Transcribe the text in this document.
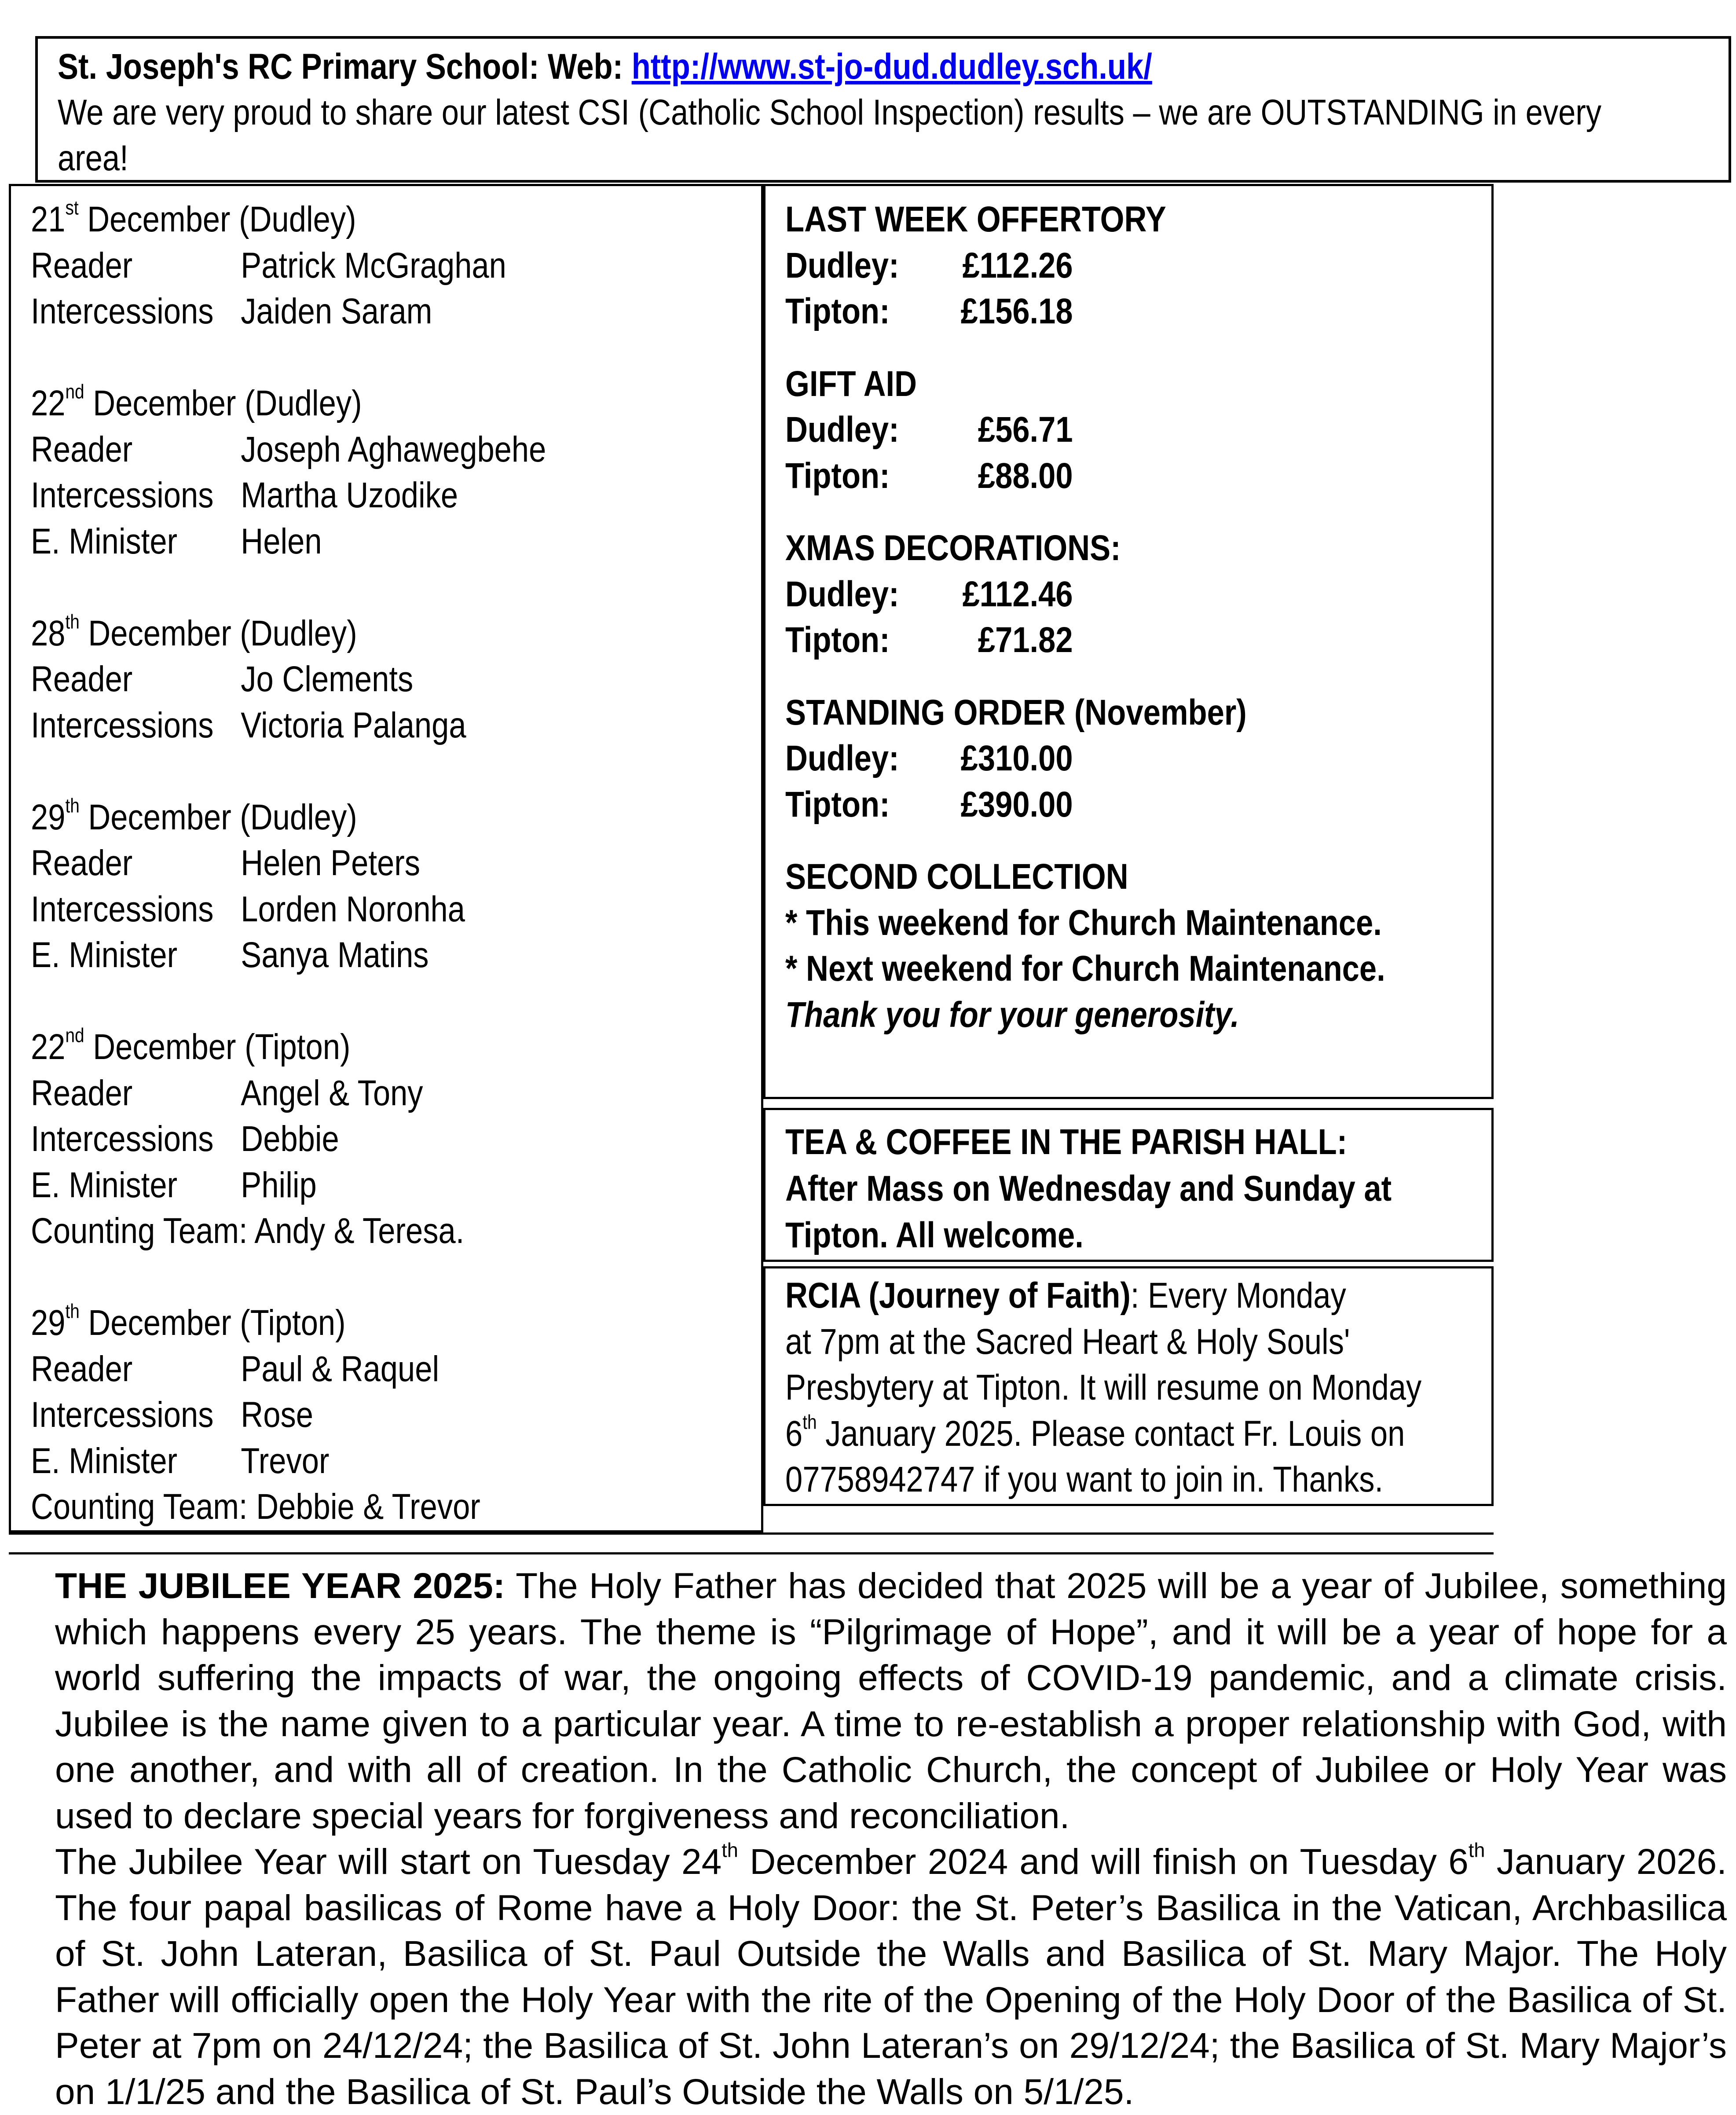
St. Joseph's RC Primary School: Web: http://www.st-jo-dud.dudley.sch.uk/
We are very proud to share our latest CSI (Catholic School Inspection) results – we are OUTSTANDING in every
area!
21st December (Dudley)
Reader	Patrick McGraghan
Intercessions Jaiden Saram
22nd December (Dudley)
Reader	Joseph Aghawegbehe
Intercessions Martha Uzodike
E. Minister Helen
28th December (Dudley)
Reader	Jo Clements
Intercessions Victoria Palanga
29th December (Dudley)
Reader	Helen Peters
Intercessions Lorden Noronha
E. Minister Sanya Matins
22nd December (Tipton)
Reader	Angel & Tony
Intercessions Debbie
E. Minister Philip
Counting Team: Andy & Teresa.
29th December (Tipton)
Reader	Paul & Raquel
Intercessions Rose
E. Minister Trevor
Counting Team: Debbie & Trevor
LAST WEEK OFFERTORY
Dudley:	£112.26
Tipton:	£156.18
GIFT AID
Dudley:	£56.71
Tipton:	£88.00
XMAS DECORATIONS:
Dudley:	£112.46
Tipton:	£71.82
STANDING ORDER (November)
Dudley:	£310.00
Tipton:	£390.00
SECOND COLLECTION
* This weekend for Church Maintenance.
* Next weekend for Church Maintenance.
Thank you for your generosity.
TEA & COFFEE IN THE PARISH HALL:
After Mass on Wednesday and Sunday at
Tipton. All welcome.
RCIA (Journey of Faith): Every Monday
at 7pm at the Sacred Heart & Holy Souls'
Presbytery at Tipton. It will resume on Monday
6th January 2025. Please contact Fr. Louis on
07758942747 if you want to join in. Thanks.

THE JUBILEE YEAR 2025: The Holy Father has decided that 2025 will be a year of Jubilee, something which happens every 25 years. The theme is “Pilgrimage of Hope”, and it will be a year of hope for a world suffering the impacts of war, the ongoing effects of COVID-19 pandemic, and a climate crisis. Jubilee is the name given to a particular year. A time to re-establish a proper relationship with God, with one another, and with all of creation. In the Catholic Church, the concept of Jubilee or Holy Year was used to declare special years for forgiveness and reconciliation.

The Jubilee Year will start on Tuesday 24th December 2024 and will finish on Tuesday 6th January 2026. The four papal basilicas of Rome have a Holy Door: the St. Peter’s Basilica in the Vatican, Archbasilica of St. John Lateran, Basilica of St. Paul Outside the Walls and Basilica of St. Mary Major. The Holy Father will officially open the Holy Year with the rite of the Opening of the Holy Door of the Basilica of St. Peter at 7pm on 24/12/24; the Basilica of St. John Lateran’s on 29/12/24; the Basilica of St. Mary Major’s on 1/1/25 and the Basilica of St. Paul’s Outside the Walls on 5/1/25.
